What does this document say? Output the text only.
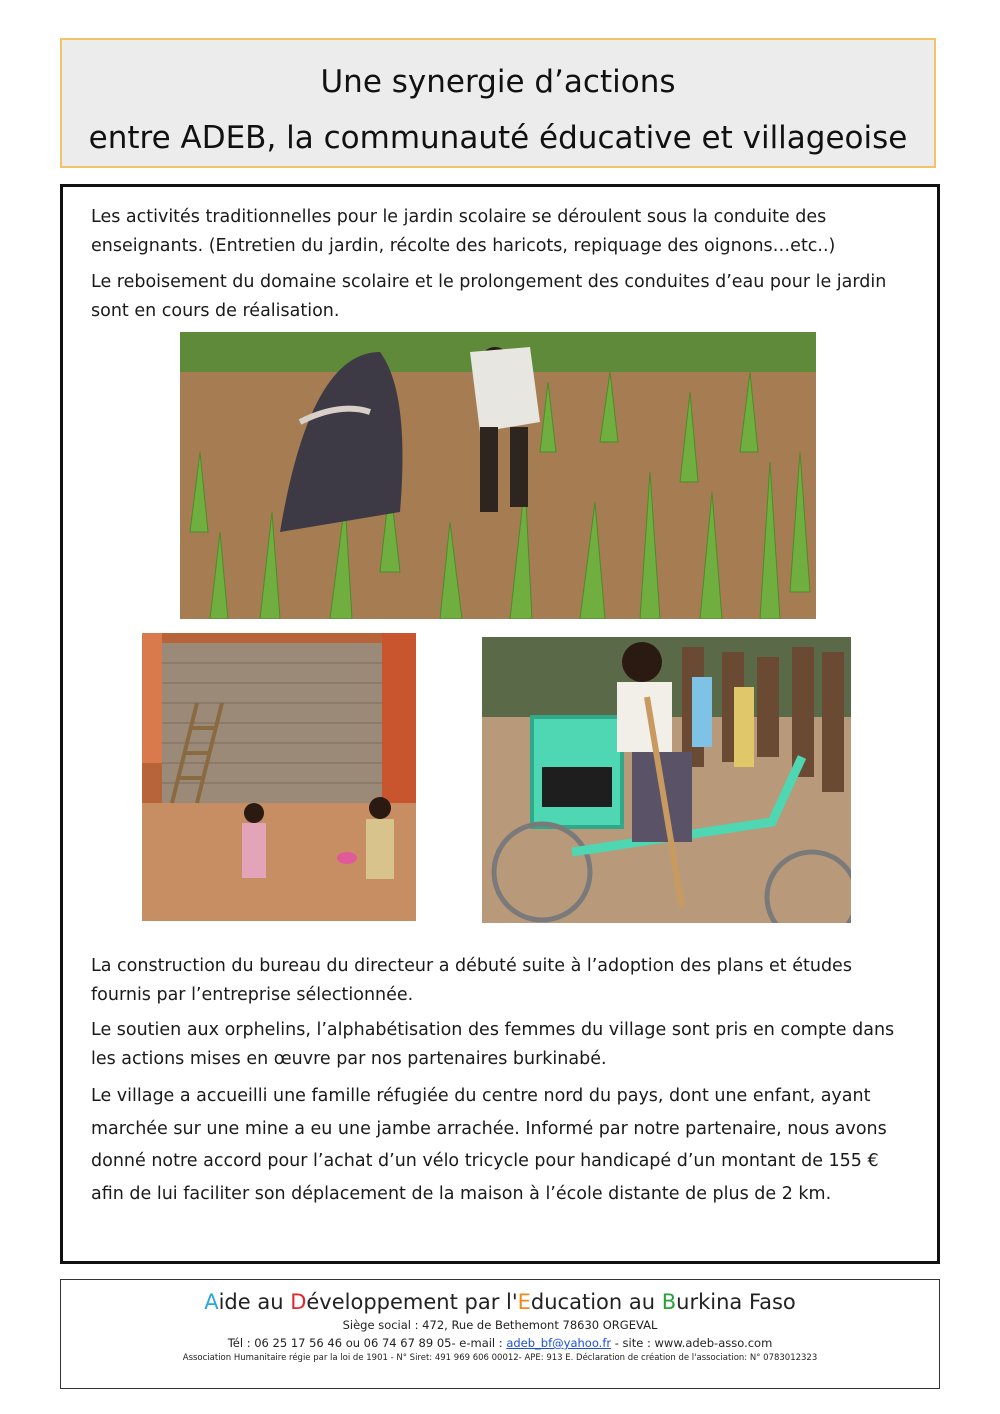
Une synergie d’actions
entre ADEB, la communauté éducative et villageoise
Les activités traditionnelles pour le jardin scolaire se déroulent sous la conduite des enseignants. (Entretien du jardin, récolte des haricots, repiquage des oignons…etc..)
Le reboisement du domaine scolaire et le prolongement des conduites d’eau pour le jardin sont en cours de réalisation.
La construction du bureau du directeur a débuté suite à l’adoption des plans et études fournis par l’entreprise sélectionnée.
Le soutien aux orphelins, l’alphabétisation des femmes du village sont pris en compte dans les actions mises en œuvre par nos partenaires burkinabé.
Le village a accueilli une famille réfugiée du centre nord du pays, dont une enfant, ayant marchée sur une mine a eu une jambe arrachée. Informé par notre partenaire, nous avons donné notre accord pour l’achat d’un vélo tricycle pour handicapé d’un montant de 155 € afin de lui faciliter son déplacement de la maison à l’école distante de plus de 2 km.
Aide au Développement par l'Education au Burkina Faso
Siège social : 472, Rue de Bethemont 78630 ORGEVAL
Tél : 06 25 17 56 46 ou 06 74 67 89 05- e-mail : adeb_bf@yahoo.fr - site : www.adeb-asso.com
Association Humanitaire régie par la loi de 1901 - N° Siret: 491 969 606 00012- APE: 913 E. Déclaration de création de l'association: N° 0783012323
